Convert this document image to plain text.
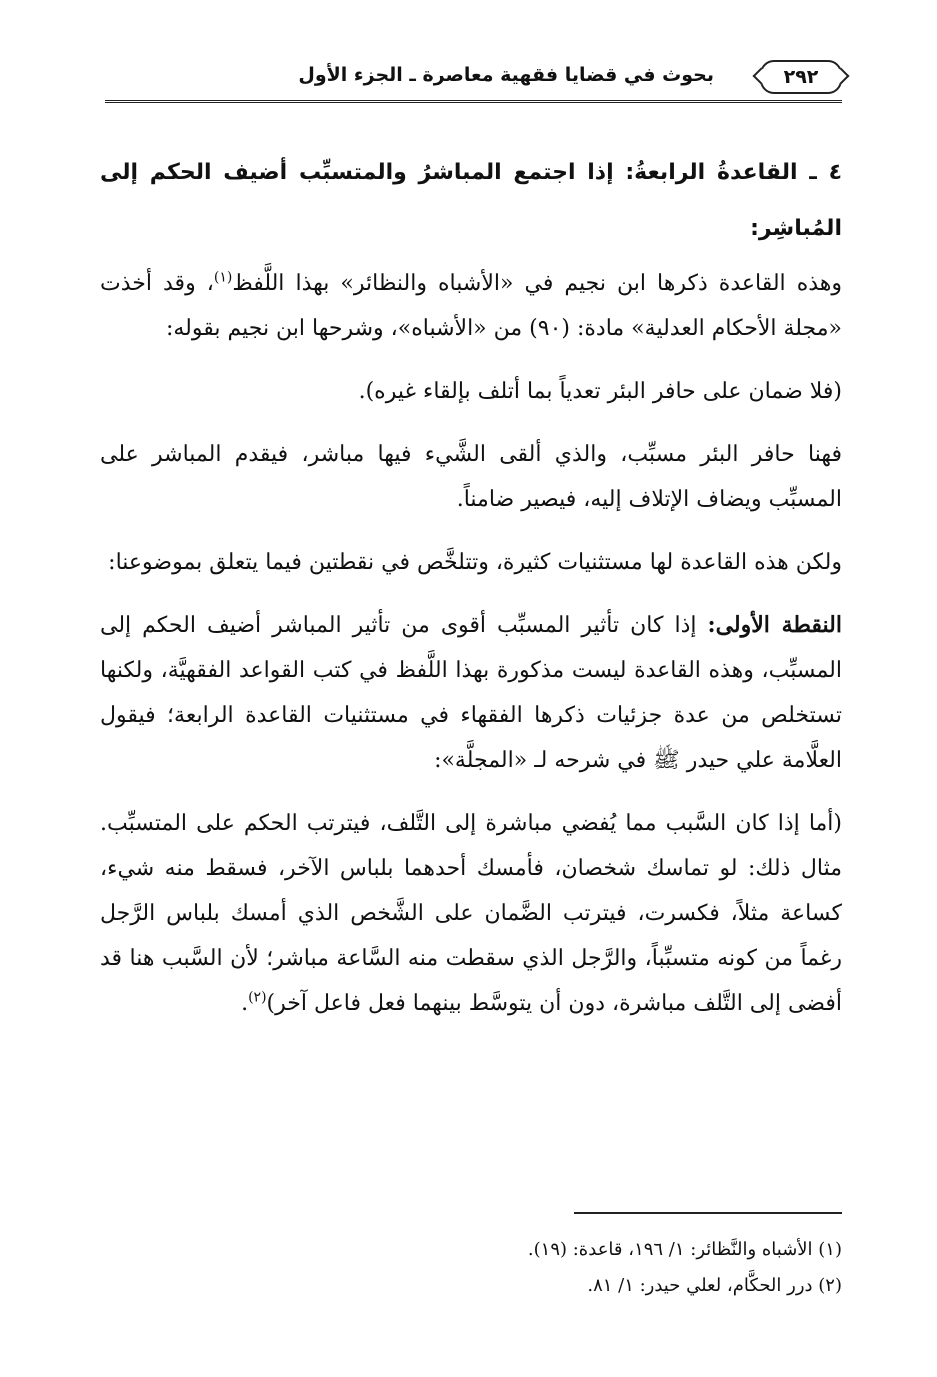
٢٩٢
بحوث في قضايا فقهية معاصرة ـ الجزء الأول

٤ ـ القاعدةُ الرابعةُ: إذا اجتمع المباشرُ والمتسبِّب أضيف الحكم إلى المُباشِر:

وهذه القاعدة ذكرها ابن نجيم في «الأشباه والنظائر» بهذا اللَّفظ$^{(١)}$، وقد أخذت «مجلة الأحكام العدلية» مادة: (٩٠) من «الأشباه»، وشرحها ابن نجيم بقوله:

(فلا ضمان على حافر البئر تعدياً بما أتلف بإلقاء غيره).

فهنا حافر البئر مسبِّب، والذي ألقى الشَّيء فيها مباشر، فيقدم المباشر على المسبِّب ويضاف الإتلاف إليه، فيصير ضامناً.

ولكن هذه القاعدة لها مستثنيات كثيرة، وتتلخَّص في نقطتين فيما يتعلق بموضوعنا:

النقطة الأولى: إذا كان تأثير المسبِّب أقوى من تأثير المباشر أضيف الحكم إلى المسبِّب، وهذه القاعدة ليست مذكورة بهذا اللَّفظ في كتب القواعد الفقهيَّة، ولكنها تستخلص من عدة جزئيات ذكرها الفقهاء في مستثنيات القاعدة الرابعة؛ فيقول العلَّامة علي حيدر ﷺ في شرحه لـ «المجلَّة»:

(أما إذا كان السَّبب مما يُفضي مباشرة إلى التَّلف، فيترتب الحكم على المتسبِّب. مثال ذلك: لو تماسك شخصان، فأمسك أحدهما بلباس الآخر، فسقط منه شيء، كساعة مثلاً، فكسرت، فيترتب الضَّمان على الشَّخص الذي أمسك بلباس الرَّجل رغماً من كونه متسبِّباً، والرَّجل الذي سقطت منه السَّاعة مباشر؛ لأن السَّبب هنا قد أفضى إلى التَّلف مباشرة، دون أن يتوسَّط بينهما فعل فاعل آخر)$^{(٢)}$.

(١) الأشباه والنَّظائر: ١/ ١٩٦، قاعدة: (١٩).
(٢) درر الحكَّام، لعلي حيدر: ١/ ٨١.
